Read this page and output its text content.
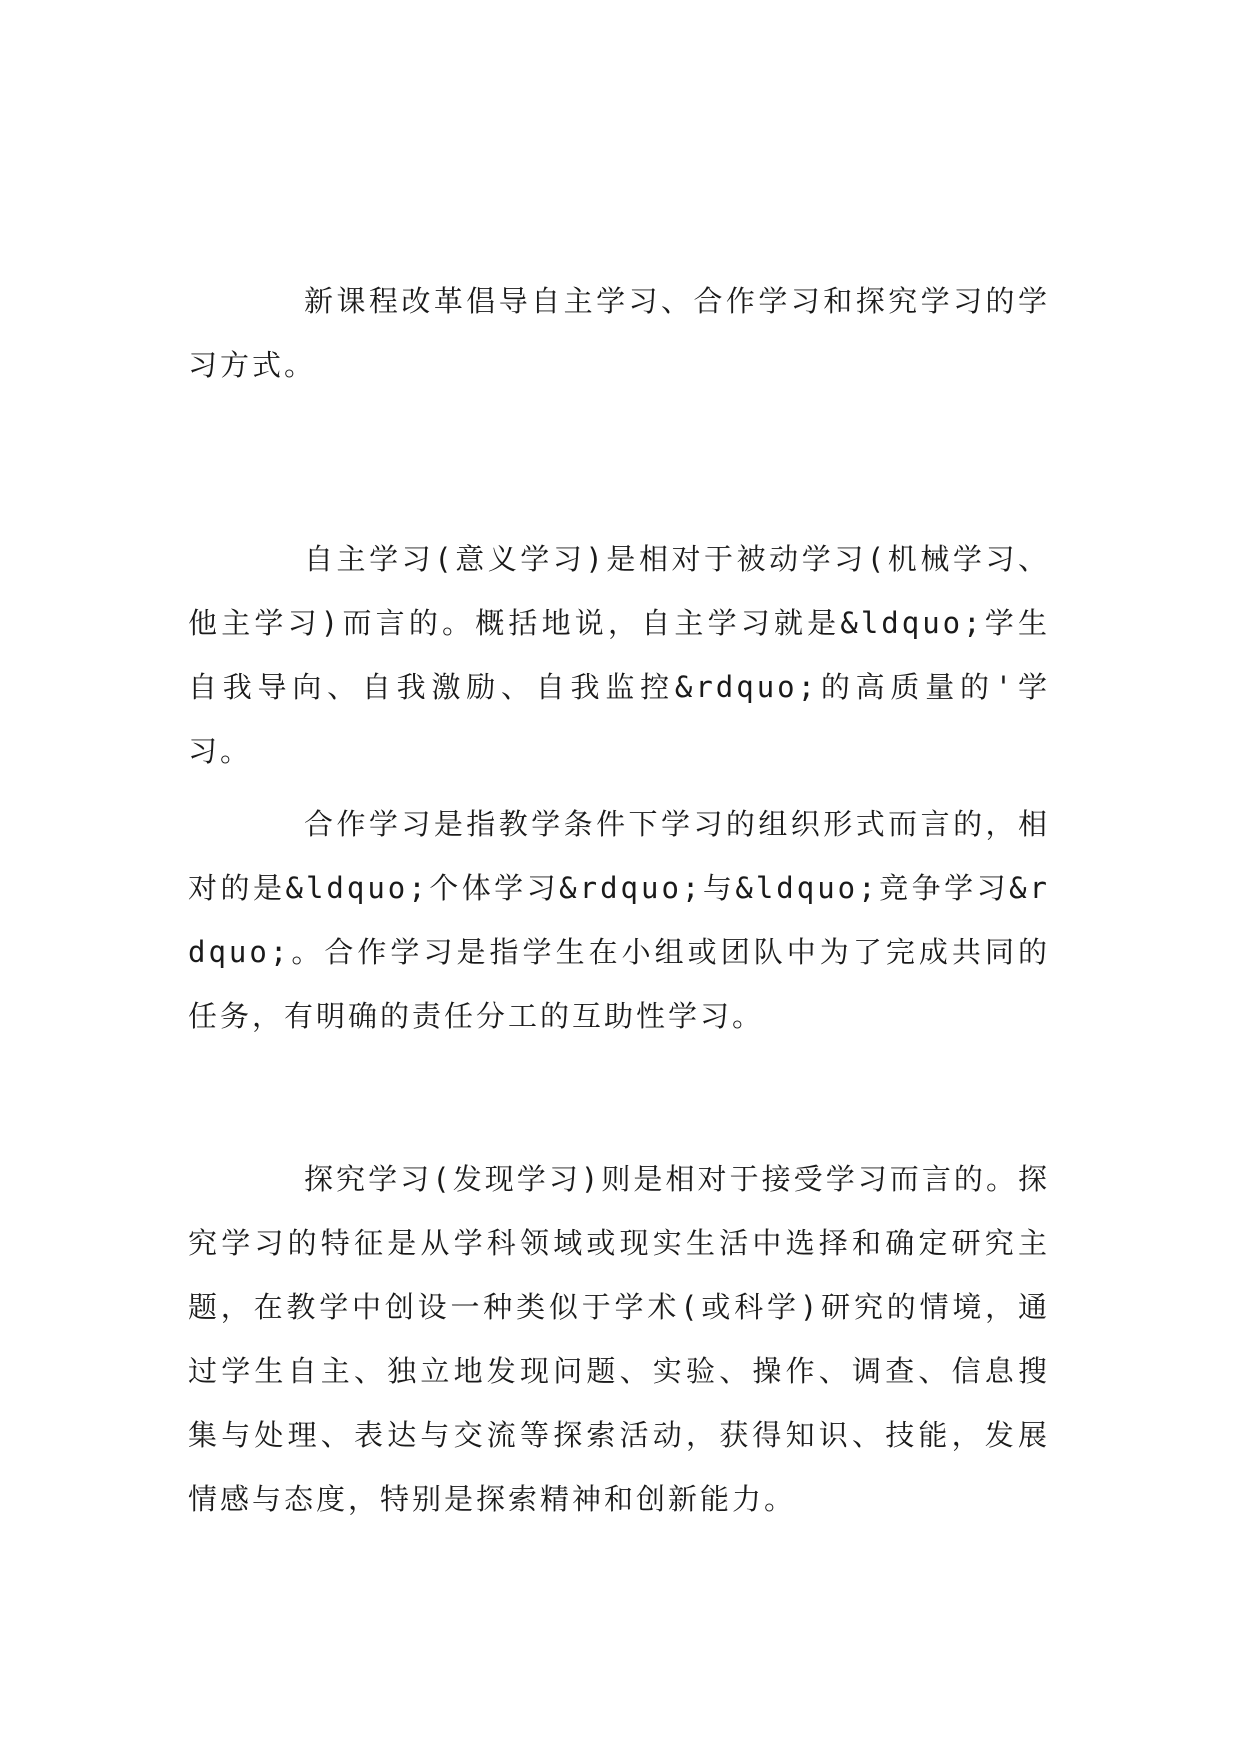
新课程改革倡导自主学习、合作学习和探究学习的学习方式。

自主学习(意义学习)是相对于被动学习(机械学习、他主学习)而言的。概括地说，自主学习就是&ldquo;学生自我导向、自我激励、自我监控&rdquo;的高质量的'学习。

合作学习是指教学条件下学习的组织形式而言的，相对的是&ldquo;个体学习&rdquo;与&ldquo;竞争学习&rdquo;。合作学习是指学生在小组或团队中为了完成共同的任务，有明确的责任分工的互助性学习。

探究学习(发现学习)则是相对于接受学习而言的。探究学习的特征是从学科领域或现实生活中选择和确定研究主题，在教学中创设一种类似于学术(或科学)研究的情境，通过学生自主、独立地发现问题、实验、操作、调查、信息搜集与处理、表达与交流等探索活动，获得知识、技能，发展情感与态度，特别是探索精神和创新能力。
